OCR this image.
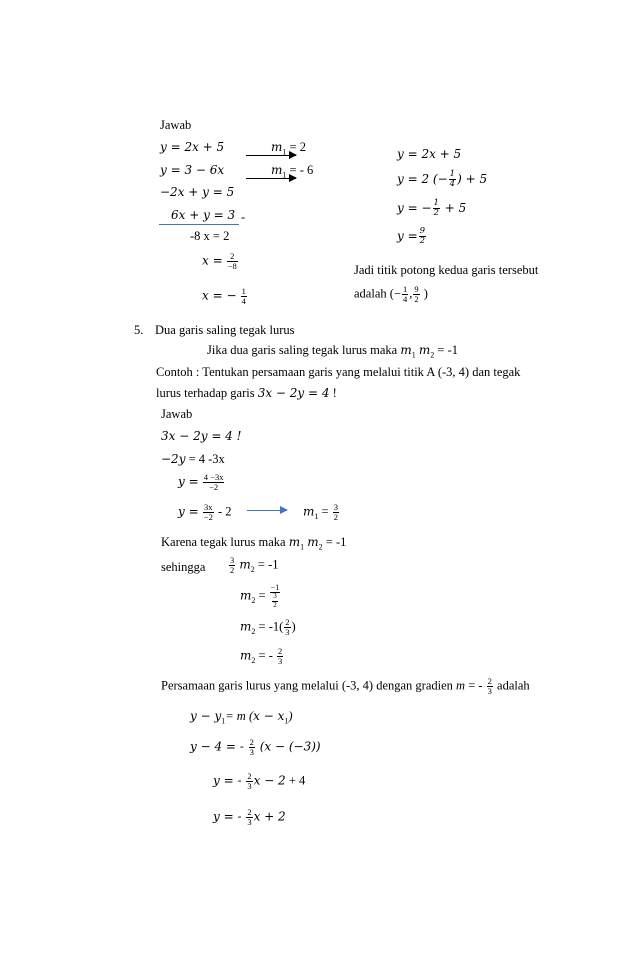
Jawab
y = 2x + 5	$m_1 = 2$
y = 3 − 6x	$m_1$ = - 6
−2x + y = 5
6x + y = 3 -
-8 x = 2
$x = \frac{2}{-8}$
x = − $\frac{1}{4}$
y = 2x + 5
y = 2 (− $\frac{1}{4}$ ) + 5
y = − $\frac{1}{2} + 5$
$y = \frac{9}{2}$
Jadi titik potong kedua garis tersebut
adalah (− $\frac{1}{4}$ , $\frac{9}{2}$ )
5. Dua garis saling tegak lurus
Jika dua garis saling tegak lurus maka $m_1$ $m_2 = -1$
Contoh : Tentukan persamaan garis yang melalui titik A (-3, 4) dan tegak
lurus terhadap garis 3x − 2y = 4 !
Jawab
3x − 2y = 4 !
−2y = 4 -3x
$y = \frac{4 -3x}{-2}$
$y = \frac{3x}{-2} - 2$	$m_1 = \frac{3}{2}$
Karena tegak lurus maka $m_1$ $m_2 = -1$
sehingga	$\frac{3}{2} m_2 = -1$
$m_2 = \frac{-1}{\frac{3}{2}}$
$m_2 = -1( \frac{2}{3}$ )
$m_2$ = - $\frac{2}{3}$
Persamaan garis lurus yang melalui (-3, 4) dengan gradien m = - $\frac{2}{3}$ adalah
$y - y_1= m$ $(x - x_1)$
y − 4 = - $\frac{2}{3} (x - (-3))$
y = - $\frac{2}{3}$ x − 2 + 4
y = - $\frac{2}{3}$ x + 2
